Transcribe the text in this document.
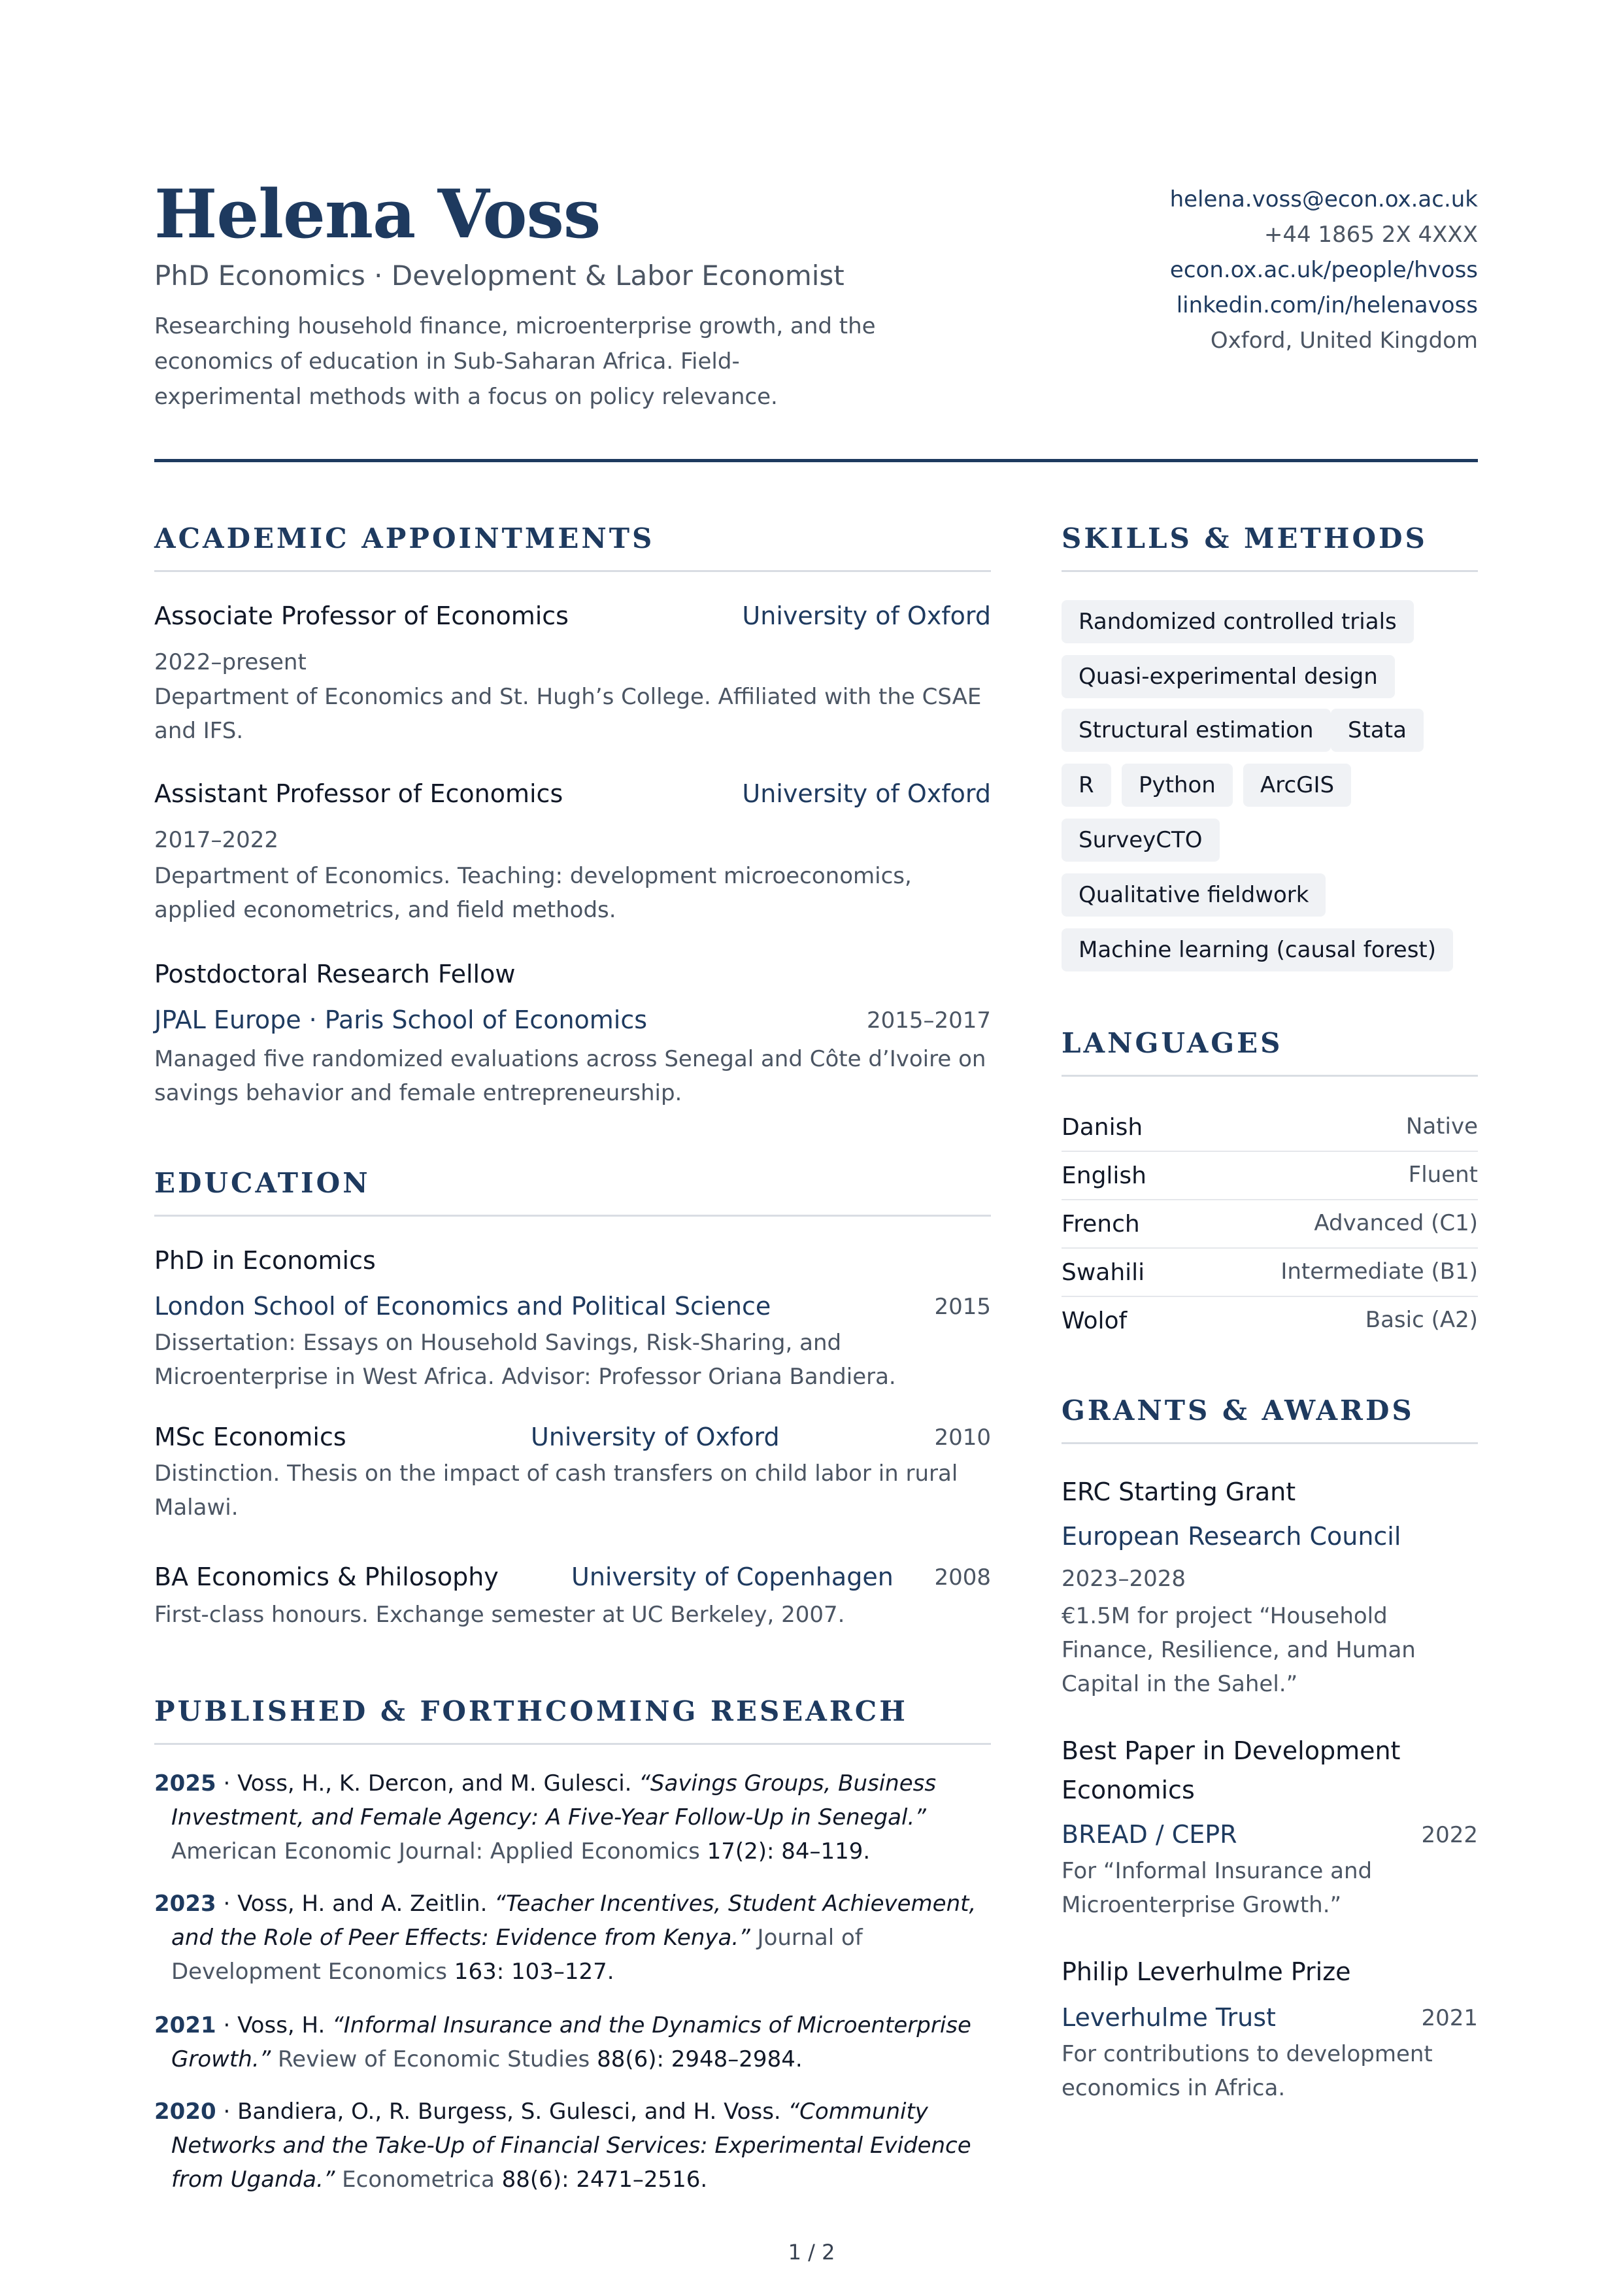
Helena Voss
PhD Economics · Development & Labor Economist
Researching household finance, microenterprise growth, and the economics of education in Sub-Saharan Africa. Field-experimental methods with a focus on policy relevance.
helena.voss@econ.ox.ac.uk
+44 1865 2X 4XXX
econ.ox.ac.uk/people/hvoss
linkedin.com/in/helenavoss
Oxford, United Kingdom
ACADEMIC APPOINTMENTS
Associate Professor of Economics	University of Oxford
2022–present
Department of Economics and St. Hugh’s College. Affiliated with the CSAE and IFS.
Assistant Professor of Economics	University of Oxford
2017–2022
Department of Economics. Teaching: development microeconomics, applied econometrics, and field methods.
Postdoctoral Research Fellow
JPAL Europe · Paris School of Economics	2015–2017
Managed five randomized evaluations across Senegal and Côte d’Ivoire on savings behavior and female entrepreneurship.
EDUCATION
PhD in Economics
London School of Economics and Political Science	2015
Dissertation: Essays on Household Savings, Risk-Sharing, and Microenterprise in West Africa. Advisor: Professor Oriana Bandiera.
MSc Economics	University of Oxford	2010
Distinction. Thesis on the impact of cash transfers on child labor in rural Malawi.
BA Economics & Philosophy	University of Copenhagen 2008
First-class honours. Exchange semester at UC Berkeley, 2007.
PUBLISHED & FORTHCOMING RESEARCH
2025 · Voss, H., K. Dercon, and M. Gulesci. “Savings Groups, Business Investment, and Female Agency: A Five-Year Follow-Up in Senegal.”
American Economic Journal: Applied Economics 17(2): 84–119.
2023 · Voss, H. and A. Zeitlin. “Teacher Incentives, Student Achievement, and the Role of Peer Effects: Evidence from Kenya.” Journal of Development Economics 163: 103–127.
2021 · Voss, H. “Informal Insurance and the Dynamics of Microenterprise Growth.” Review of Economic Studies 88(6): 2948–2984.
2020 · Bandiera, O., R. Burgess, S. Gulesci, and H. Voss. “Community Networks and the Take-Up of Financial Services: Experimental Evidence from Uganda.” Econometrica 88(6): 2471–2516.
SKILLS & METHODS
Randomized controlled trials
Quasi-experimental design
Structural estimation	Stata
R	Python	ArcGIS
SurveyCTO
Qualitative fieldwork
Machine learning (causal forest)
LANGUAGES
Danish	Native
English	Fluent
French	Advanced (C1)
Swahili	Intermediate (B1)
Wolof	Basic (A2)
GRANTS & AWARDS
ERC Starting Grant
European Research Council
2023–2028
€1.5M for project “Household Finance, Resilience, and Human Capital in the Sahel.”
Best Paper in Development Economics
BREAD / CEPR	2022
For “Informal Insurance and Microenterprise Growth.”
Philip Leverhulme Prize
Leverhulme Trust	2021
For contributions to development economics in Africa.
1 / 2
